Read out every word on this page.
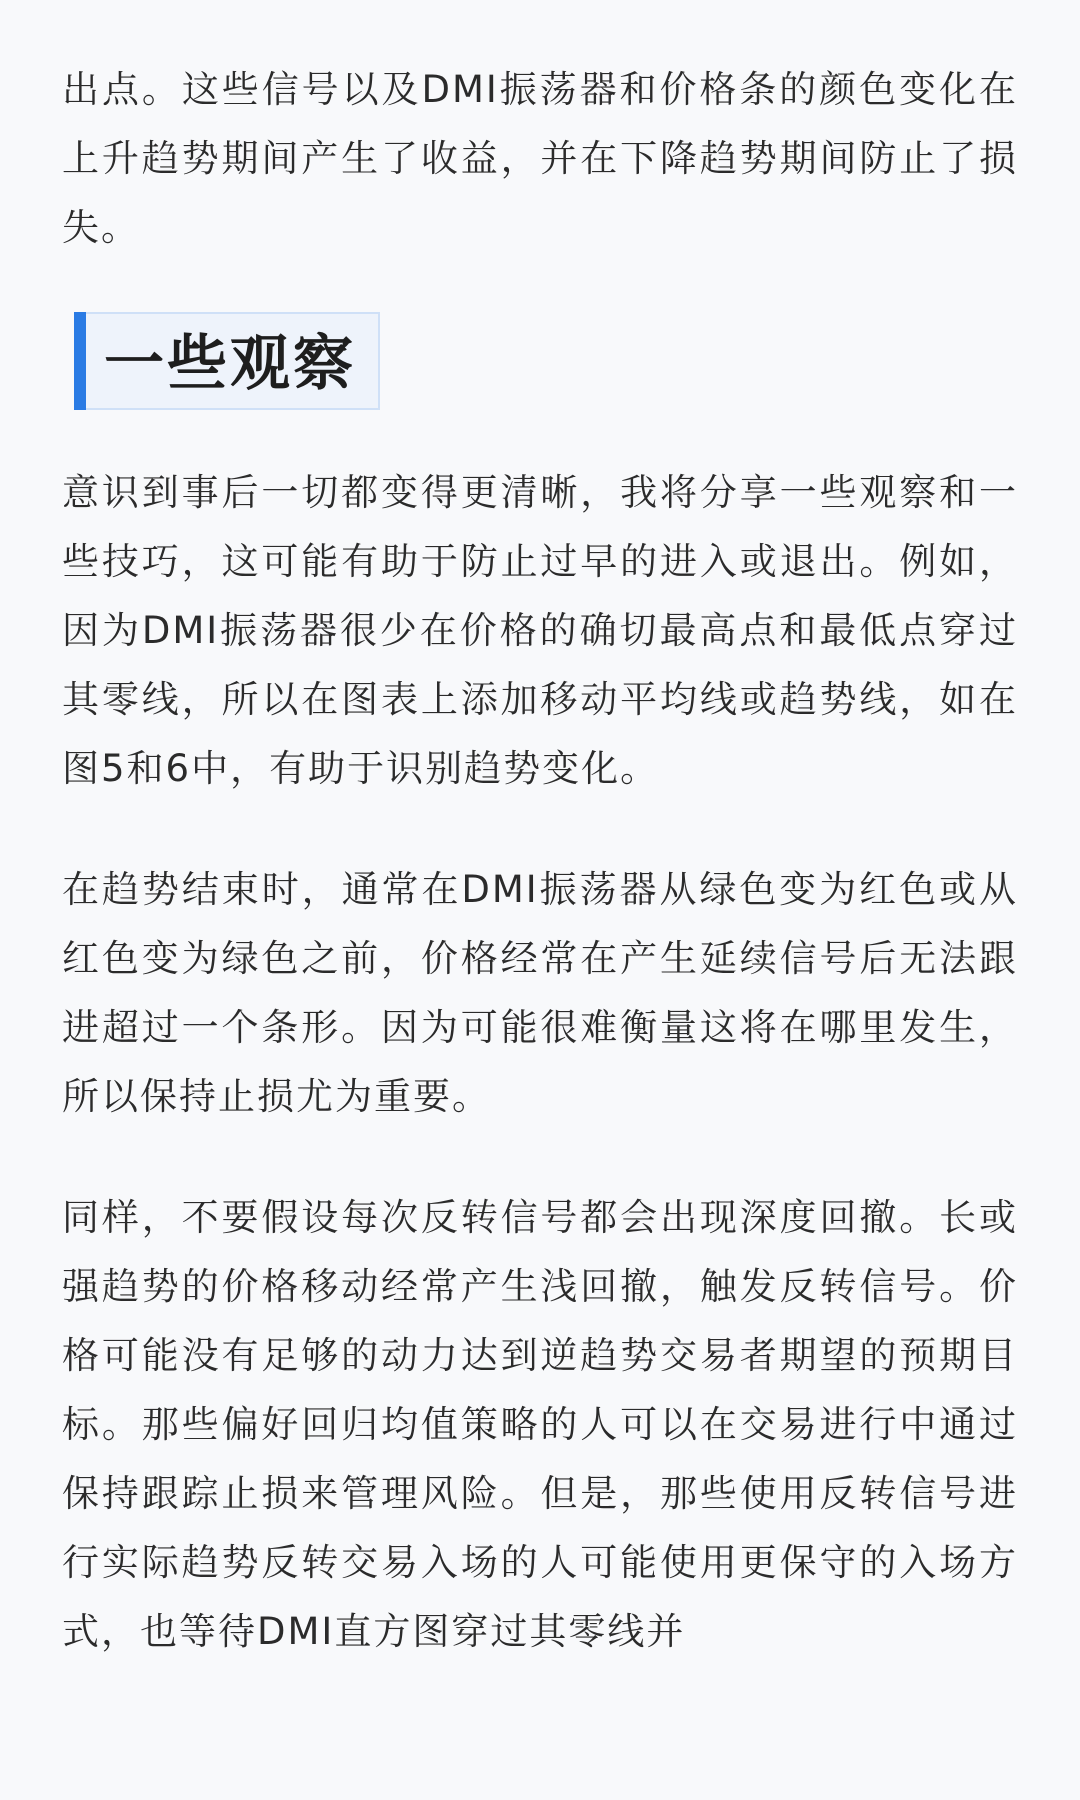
出点。这些信号以及DMI振荡器和价格条的颜色变化在上升趋势期间产生了收益，并在下降趋势期间防止了损失。

一些观察

意识到事后一切都变得更清晰，我将分享一些观察和一些技巧，这可能有助于防止过早的进入或退出。例如，因为DMI振荡器很少在价格的确切最高点和最低点穿过其零线，所以在图表上添加移动平均线或趋势线，如在图5和6中，有助于识别趋势变化。

在趋势结束时，通常在DMI振荡器从绿色变为红色或从红色变为绿色之前，价格经常在产生延续信号后无法跟进超过一个条形。因为可能很难衡量这将在哪里发生，所以保持止损尤为重要。

同样，不要假设每次反转信号都会出现深度回撤。长或强趋势的价格移动经常产生浅回撤，触发反转信号。价格可能没有足够的动力达到逆趋势交易者期望的预期目标。那些偏好回归均值策略的人可以在交易进行中通过保持跟踪止损来管理风险。但是，那些使用反转信号进行实际趋势反转交易入场的人可能使用更保守的入场方式，也等待DMI直方图穿过其零线并
